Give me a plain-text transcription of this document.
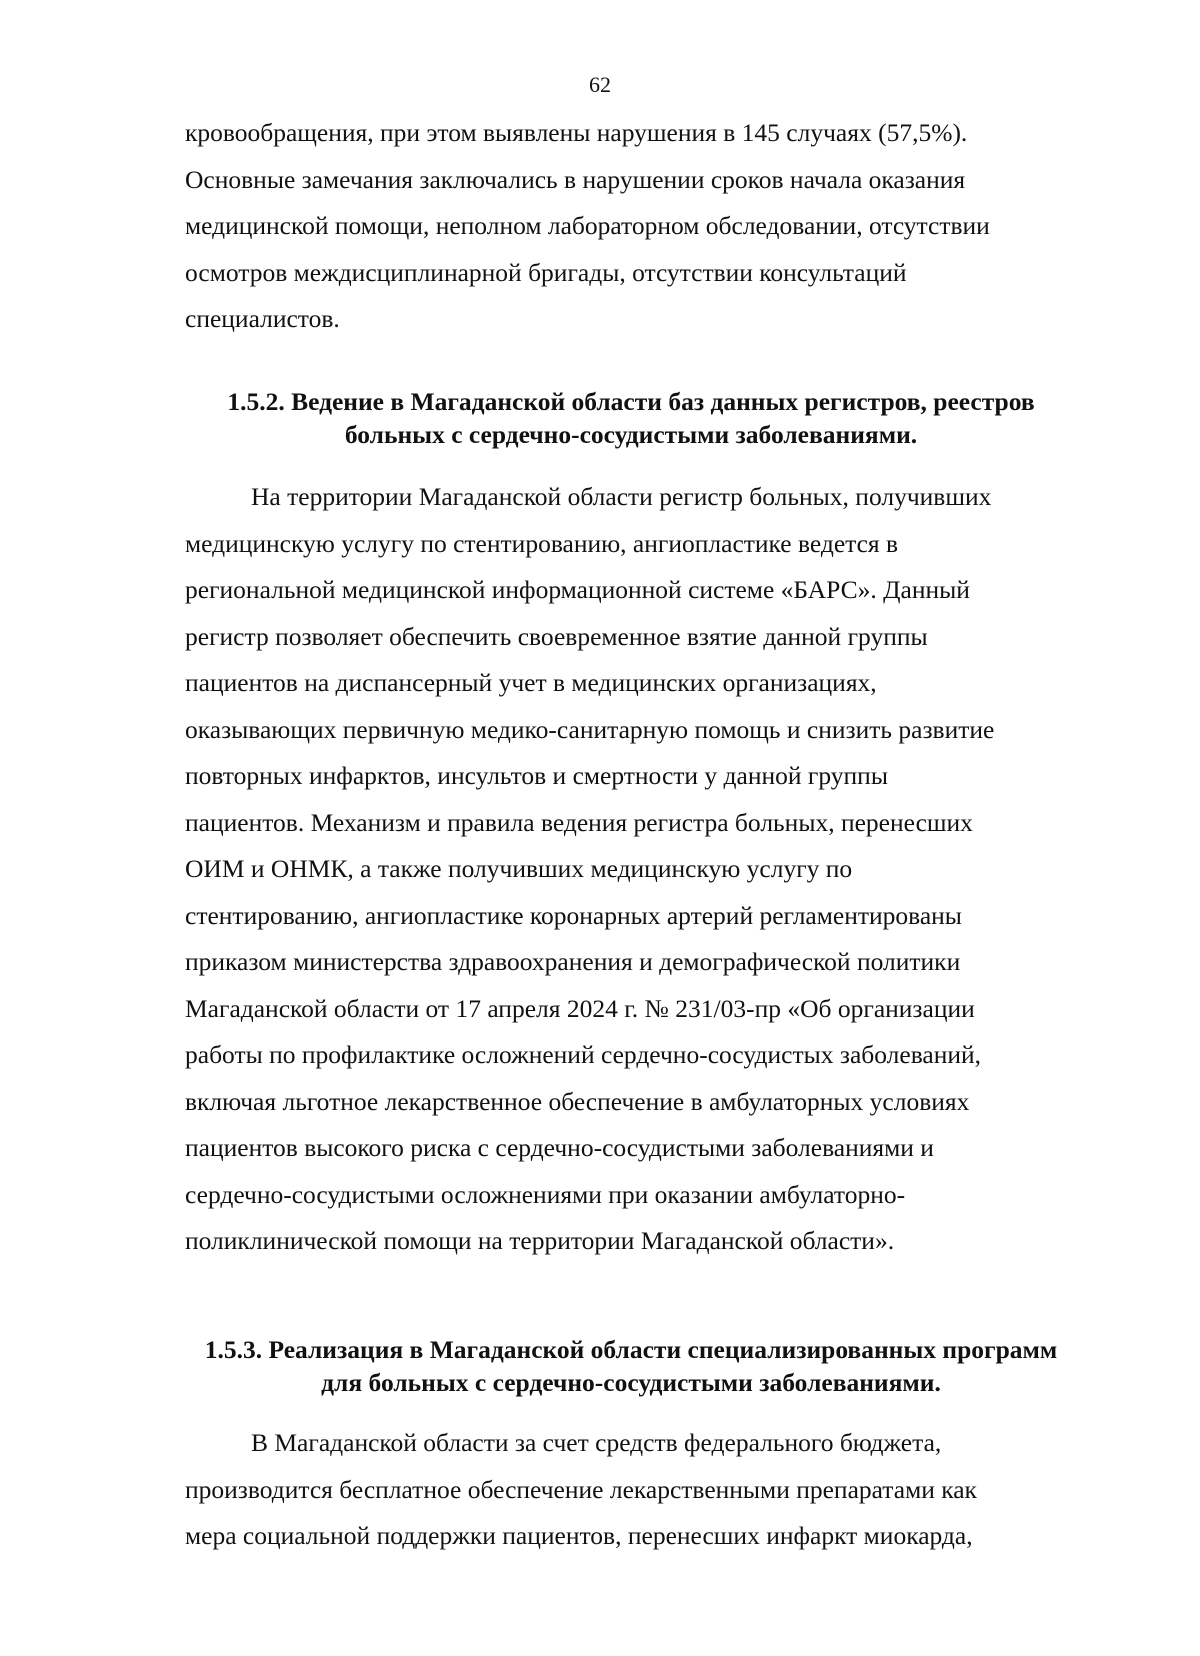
62

кровообращения, при этом выявлены нарушения в 145 случаях (57,5%).
Основные замечания заключались в нарушении сроков начала оказания
медицинской помощи, неполном лабораторном обследовании, отсутствии
осмотров междисциплинарной бригады, отсутствии консультаций
специалистов.

1.5.2. Ведение в Магаданской области баз данных регистров, реестров больных с сердечно-сосудистыми заболеваниями.

На территории Магаданской области регистр больных, получивших
медицинскую услугу по стентированию, ангиопластике ведется в
региональной медицинской информационной системе «БАРС». Данный
регистр позволяет обеспечить своевременное взятие данной группы
пациентов на диспансерный учет в медицинских организациях,
оказывающих первичную медико-санитарную помощь и снизить развитие
повторных инфарктов, инсультов и смертности у данной группы
пациентов. Механизм и правила ведения регистра больных, перенесших
ОИМ и ОНМК, а также получивших медицинскую услугу по
стентированию, ангиопластике коронарных артерий регламентированы
приказом министерства здравоохранения и демографической политики
Магаданской области от 17 апреля 2024 г. № 231/03-пр «Об организации
работы по профилактике осложнений сердечно-сосудистых заболеваний,
включая льготное лекарственное обеспечение в амбулаторных условиях
пациентов высокого риска с сердечно-сосудистыми заболеваниями и
сердечно-сосудистыми осложнениями при оказании амбулаторно-
поликлинической помощи на территории Магаданской области».

1.5.3. Реализация в Магаданской области специализированных программ для больных с сердечно-сосудистыми заболеваниями.

В Магаданской области за счет средств федерального бюджета,
производится бесплатное обеспечение лекарственными препаратами как
мера социальной поддержки пациентов, перенесших инфаркт миокарда,
